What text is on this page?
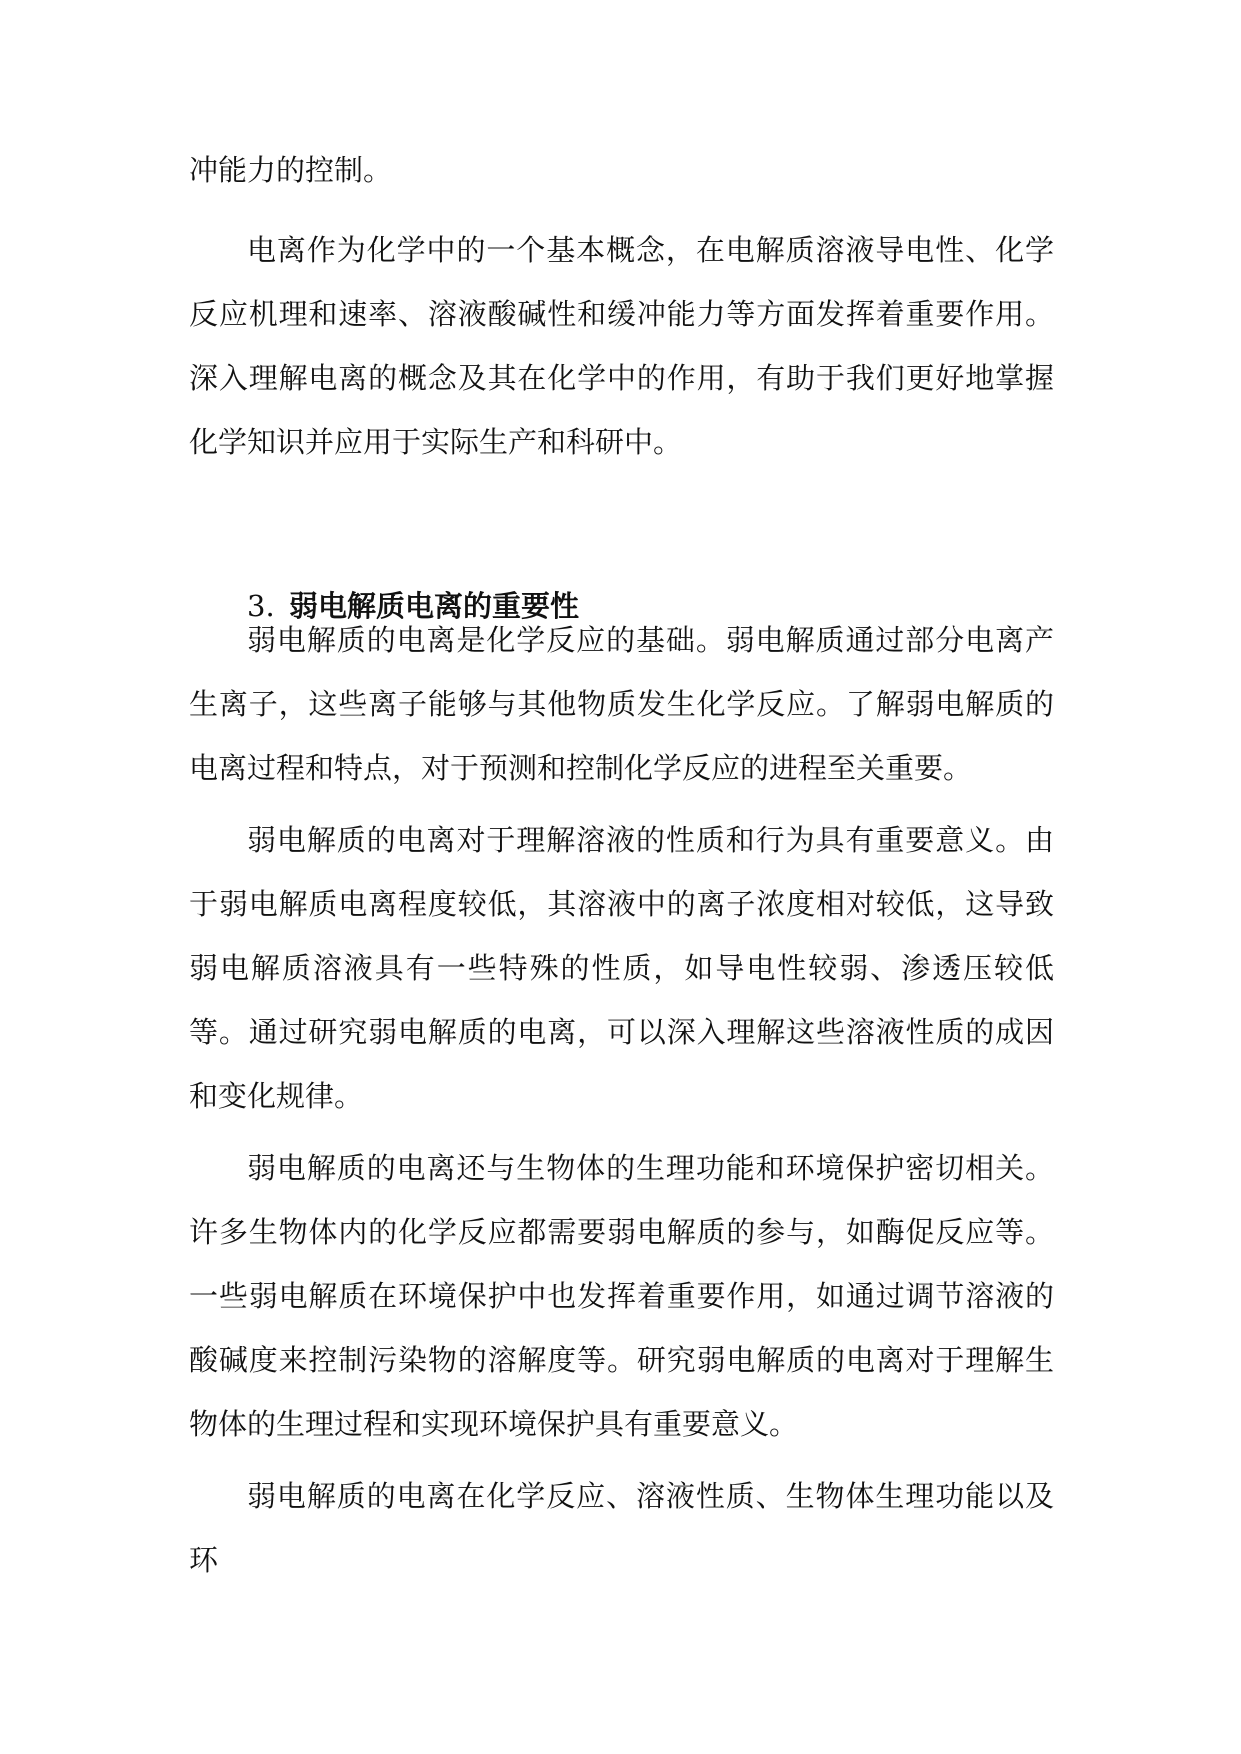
冲能力的控制。

电离作为化学中的一个基本概念，在电解质溶液导电性、化学反应机理和速率、溶液酸碱性和缓冲能力等方面发挥着重要作用。深入理解电离的概念及其在化学中的作用，有助于我们更好地掌握化学知识并应用于实际生产和科研中。

3. 弱电解质电离的重要性

弱电解质的电离是化学反应的基础。弱电解质通过部分电离产生离子，这些离子能够与其他物质发生化学反应。了解弱电解质的电离过程和特点，对于预测和控制化学反应的进程至关重要。

弱电解质的电离对于理解溶液的性质和行为具有重要意义。由于弱电解质电离程度较低，其溶液中的离子浓度相对较低，这导致弱电解质溶液具有一些特殊的性质，如导电性较弱、渗透压较低等。通过研究弱电解质的电离，可以深入理解这些溶液性质的成因和变化规律。

弱电解质的电离还与生物体的生理功能和环境保护密切相关。许多生物体内的化学反应都需要弱电解质的参与，如酶促反应等。一些弱电解质在环境保护中也发挥着重要作用，如通过调节溶液的酸碱度来控制污染物的溶解度等。研究弱电解质的电离对于理解生物体的生理过程和实现环境保护具有重要意义。

弱电解质的电离在化学反应、溶液性质、生物体生理功能以及环
